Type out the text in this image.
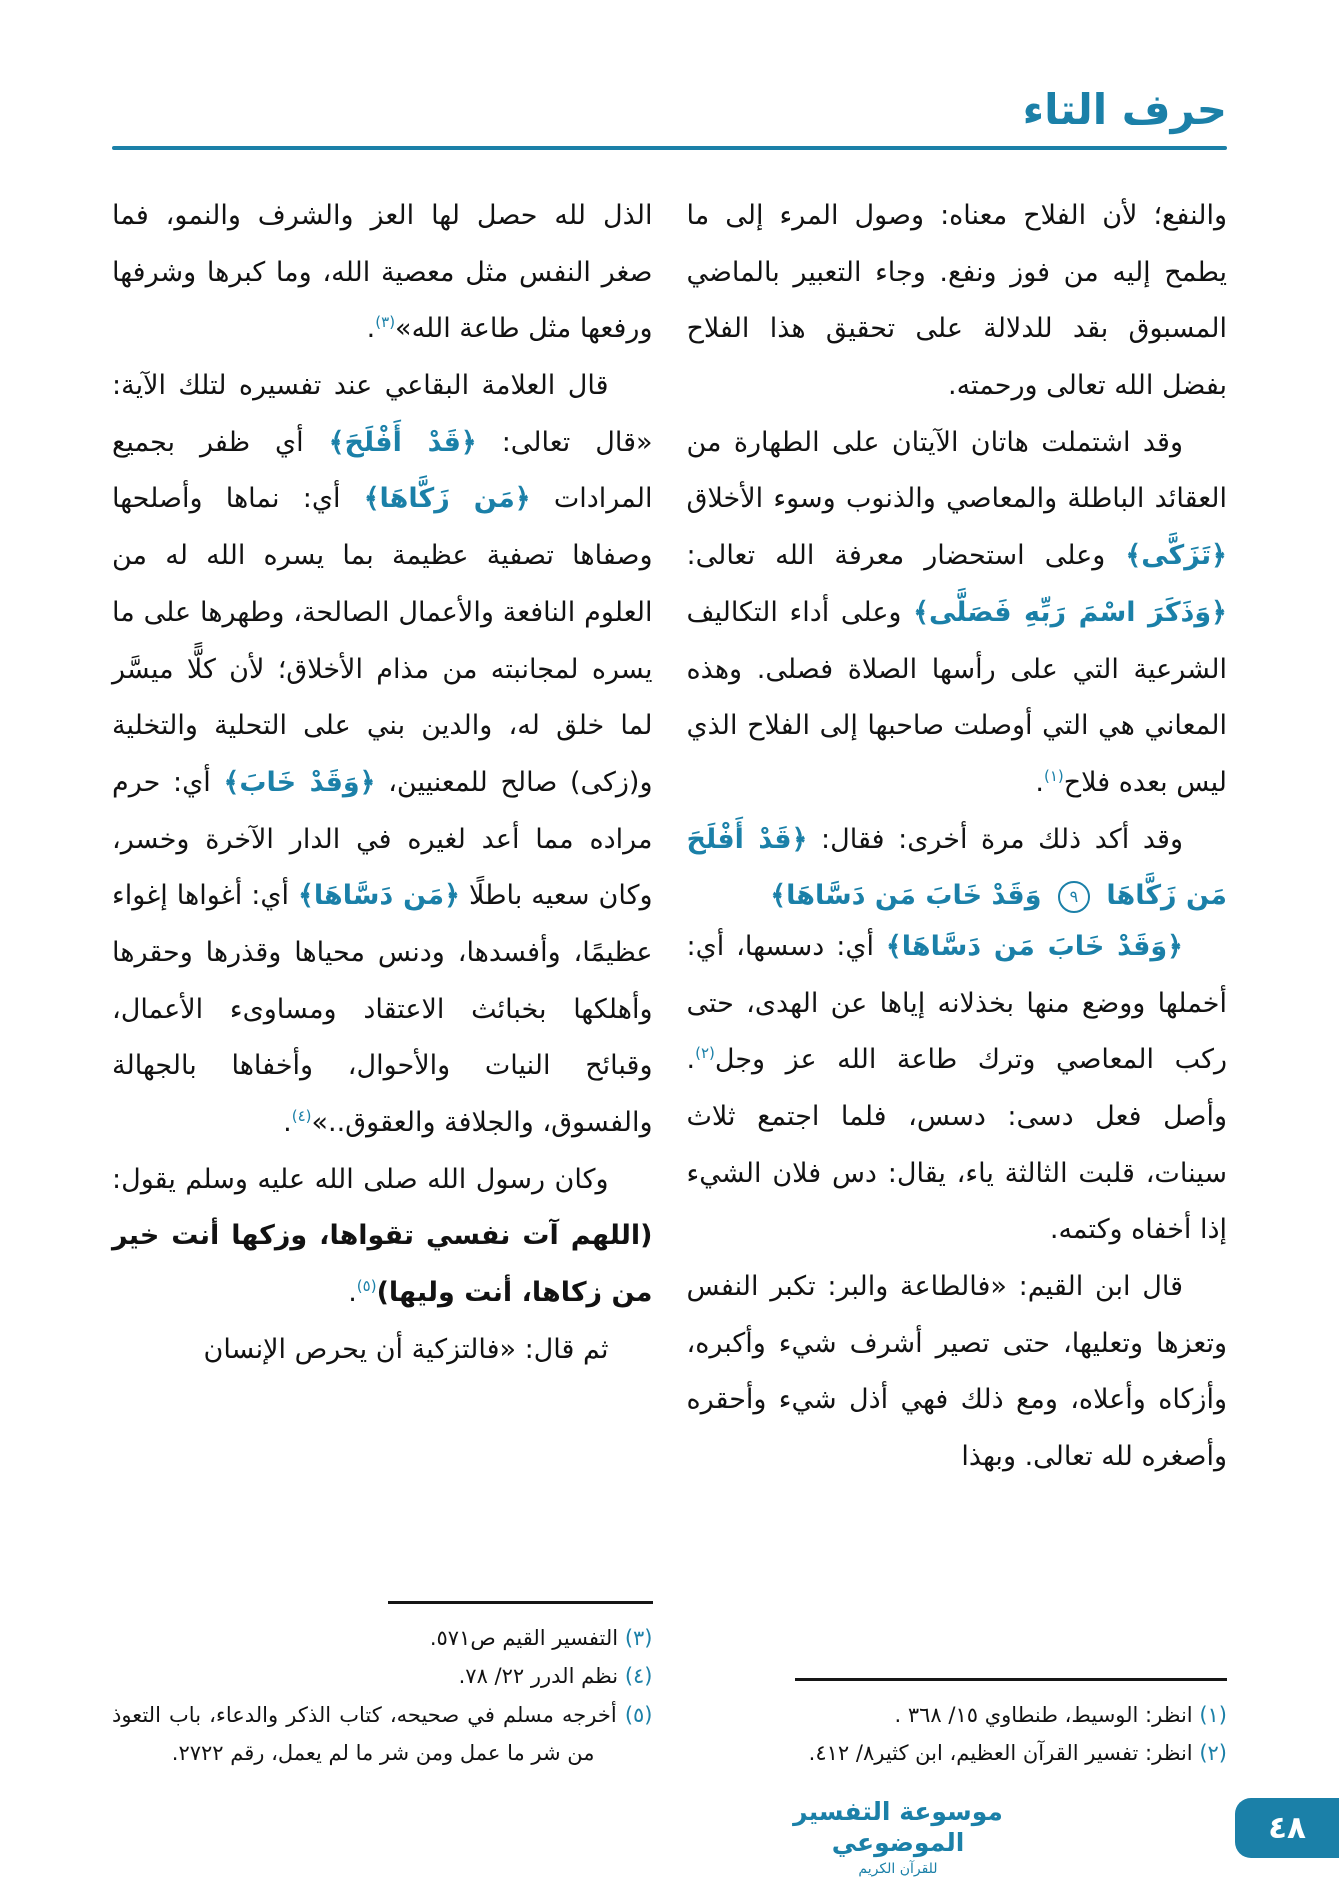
حرف التاء

والنفع؛ لأن الفلاح معناه: وصول المرء إلى ما يطمح إليه من فوز ونفع. وجاء التعبير بالماضي المسبوق بقد للدلالة على تحقيق هذا الفلاح بفضل الله تعالى ورحمته.

وقد اشتملت هاتان الآيتان على الطهارة من العقائد الباطلة والمعاصي والذنوب وسوء الأخلاق ﴿تَزَكَّى﴾ وعلى استحضار معرفة الله تعالى: ﴿وَذَكَرَ اسْمَ رَبِّهِ فَصَلَّى﴾ وعلى أداء التكاليف الشرعية التي على رأسها الصلاة فصلى. وهذه المعاني هي التي أوصلت صاحبها إلى الفلاح الذي ليس بعده فلاح$^{(١)}$.

وقد أكد ذلك مرة أخرى: فقال: ﴿قَدْ أَفْلَحَ مَن زَكَّاهَا ٩ وَقَدْ خَابَ مَن دَسَّاهَا﴾

﴿وَقَدْ خَابَ مَن دَسَّاهَا﴾ أي: دسسها، أي: أخملها ووضع منها بخذلانه إياها عن الهدى، حتى ركب المعاصي وترك طاعة الله عز وجل$^{(٢)}$. وأصل فعل دسى: دسس، فلما اجتمع ثلاث سينات، قلبت الثالثة ياء، يقال: دس فلان الشيء إذا أخفاه وكتمه.

قال ابن القيم: «فالطاعة والبر: تكبر النفس وتعزها وتعليها، حتى تصير أشرف شيء وأكبره، وأزكاه وأعلاه، ومع ذلك فهي أذل شيء وأحقره وأصغره لله تعالى. وبهذا

(١) انظر: الوسيط، طنطاوي ١٥/ ٣٦٨ .

(٢) انظر: تفسير القرآن العظيم، ابن كثير٨/ ٤١٢.

الذل لله حصل لها العز والشرف والنمو، فما صغر النفس مثل معصية الله، وما كبرها وشرفها ورفعها مثل طاعة الله»$^{(٣)}$.

قال العلامة البقاعي عند تفسيره لتلك الآية: «قال تعالى: ﴿قَدْ أَفْلَحَ﴾ أي ظفر بجميع المرادات ﴿مَن زَكَّاهَا﴾ أي: نماها وأصلحها وصفاها تصفية عظيمة بما يسره الله له من العلوم النافعة والأعمال الصالحة، وطهرها على ما يسره لمجانبته من مذام الأخلاق؛ لأن كلًّا ميسَّر لما خلق له، والدين بني على التحلية والتخلية و(زكى) صالح للمعنيين، ﴿وَقَدْ خَابَ﴾ أي: حرم مراده مما أعد لغيره في الدار الآخرة وخسر، وكان سعيه باطلًا ﴿مَن دَسَّاهَا﴾ أي: أغواها إغواء عظيمًا، وأفسدها، ودنس محياها وقذرها وحقرها وأهلكها بخبائث الاعتقاد ومساوىء الأعمال، وقبائح النيات والأحوال، وأخفاها بالجهالة والفسوق، والجلافة والعقوق..»$^{(٤)}$.

وكان رسول الله صلى الله عليه وسلم يقول: (اللهم آت نفسي تقواها، وزكها أنت خير من زكاها، أنت وليها)$^{(٥)}$.

ثم قال: «فالتزكية أن يحرص الإنسان

(٣) التفسير القيم ص٥٧١.

(٤) نظم الدرر ٢٢/ ٧٨.

(٥) أخرجه مسلم في صحيحه، كتاب الذكر والدعاء، باب التعوذ من شر ما عمل ومن شر ما لم يعمل، رقم ٢٧٢٢.

موسوعة التفسير الموضوعي
للقرآن الكريم
٤٨
